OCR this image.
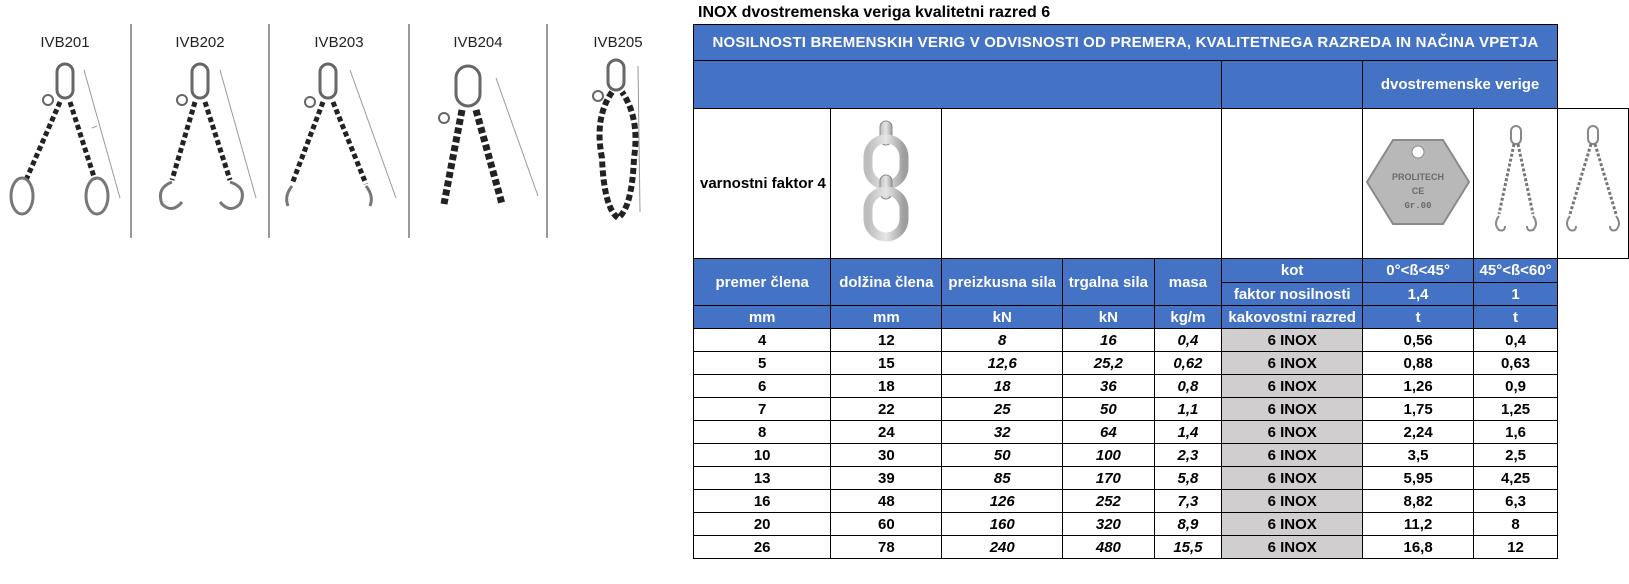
IVB201	IVB202	IVB203	IVB204	IVB205
INOX dvostremenska veriga kvalitetni razred 6
NOSILNOSTI BREMENSKIH VERIG V ODVISNOSTI OD PREMERA, KVALITETNEGA RAZREDA IN NAČINA VPETJA								
						dvostremenske verige		
varnostni faktor 4						PROLITECH
CE
Gr.00

premer člena	dolžina člena	preizkusna sila	trgalna sila	masa	kot	0°<ß<45°	45°<ß<60°	
					faktor nosilnosti	1,4	1	
mm	mm	kN	kN	kg/m	kakovostni razred	t	t	
4	12	8	16	0,4	6 INOX	0,56	0,4	
5	15	12,6	25,2	0,62	6 INOX	0,88	0,63	
6	18	18	36	0,8	6 INOX	1,26	0,9	
7	22	25	50	1,1	6 INOX	1,75	1,25	
8	24	32	64	1,4	6 INOX	2,24	1,6	
10	30	50	100	2,3	6 INOX	3,5	2,5	
13	39	85	170	5,8	6 INOX	5,95	4,25	
16	48	126	252	7,3	6 INOX	8,82	6,3	
20	60	160	320	8,9	6 INOX	11,2	8	
26	78	240	480	15,5	6 INOX	16,8	12	
